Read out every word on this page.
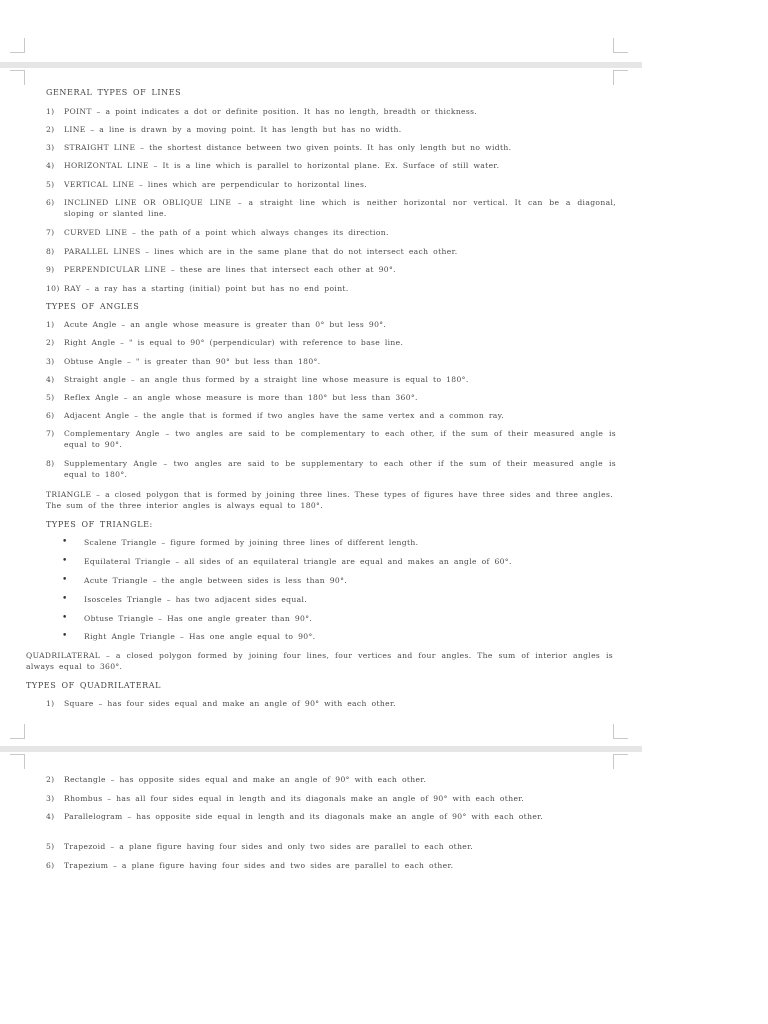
GENERAL TYPES OF LINES
1)	POINT – a point indicates a dot or definite position. It has no length, breadth or thickness.
2)	LINE – a line is drawn by a moving point. It has length but has no width.
3)	STRAIGHT LINE – the shortest distance between two given points. It has only length but no width.
4)	HORIZONTAL LINE – It is a line which is parallel to horizontal plane. Ex. Surface of still water.
5)	VERTICAL LINE – lines which are perpendicular to horizontal lines.
6)	INCLINED LINE OR OBLIQUE LINE – a straight line which is neither horizontal nor vertical. It can be a diagonal, sloping or slanted line.
7)	CURVED LINE – the path of a point which always changes its direction.
8)	PARALLEL LINES – lines which are in the same plane that do not intersect each other.
9)	PERPENDICULAR LINE – these are lines that intersect each other at 90°.
10) RAY – a ray has a starting (initial) point but has no end point.
TYPES OF ANGLES
1)	Acute Angle – an angle whose measure is greater than 0° but less 90°.
2)	Right Angle – " is equal to 90° (perpendicular) with reference to base line.
3)	Obtuse Angle – " is greater than 90° but less than 180°.
4)	Straight angle – an angle thus formed by a straight line whose measure is equal to 180°.
5)	Reflex Angle – an angle whose measure is more than 180° but less than 360°.
6)	Adjacent Angle – the angle that is formed if two angles have the same vertex and a common ray.
7)	Complementary Angle – two angles are said to be complementary to each other, if the sum of their measured angle is equal to 90°.
8)	Supplementary Angle – two angles are said to be supplementary to each other if the sum of their measured angle is equal to 180°.
TRIANGLE – a closed polygon that is formed by joining three lines. These types of figures have three sides and three angles. The sum of the three interior angles is always equal to 180°.
TYPES OF TRIANGLE:
•	Scalene Triangle – figure formed by joining three lines of different length.
•	Equilateral Triangle – all sides of an equilateral triangle are equal and makes an angle of 60°.
•	Acute Triangle – the angle between sides is less than 90°.
•	Isosceles Triangle – has two adjacent sides equal.
•	Obtuse Triangle – Has one angle greater than 90°.
•	Right Angle Triangle – Has one angle equal to 90°.
QUADRILATERAL – a closed polygon formed by joining four lines, four vertices and four angles. The sum of interior angles is always equal to 360°.
TYPES OF QUADRILATERAL
1)	Square – has four sides equal and make an angle of 90° with each other.
2)	Rectangle – has opposite sides equal and make an angle of 90° with each other.
3)	Rhombus – has all four sides equal in length and its diagonals make an angle of 90° with each other.
4)	Parallelogram – has opposite side equal in length and its diagonals make an angle of 90° with each other.
5)	Trapezoid – a plane figure having four sides and only two sides are parallel to each other.
6)	Trapezium – a plane figure having four sides and two sides are parallel to each other.
